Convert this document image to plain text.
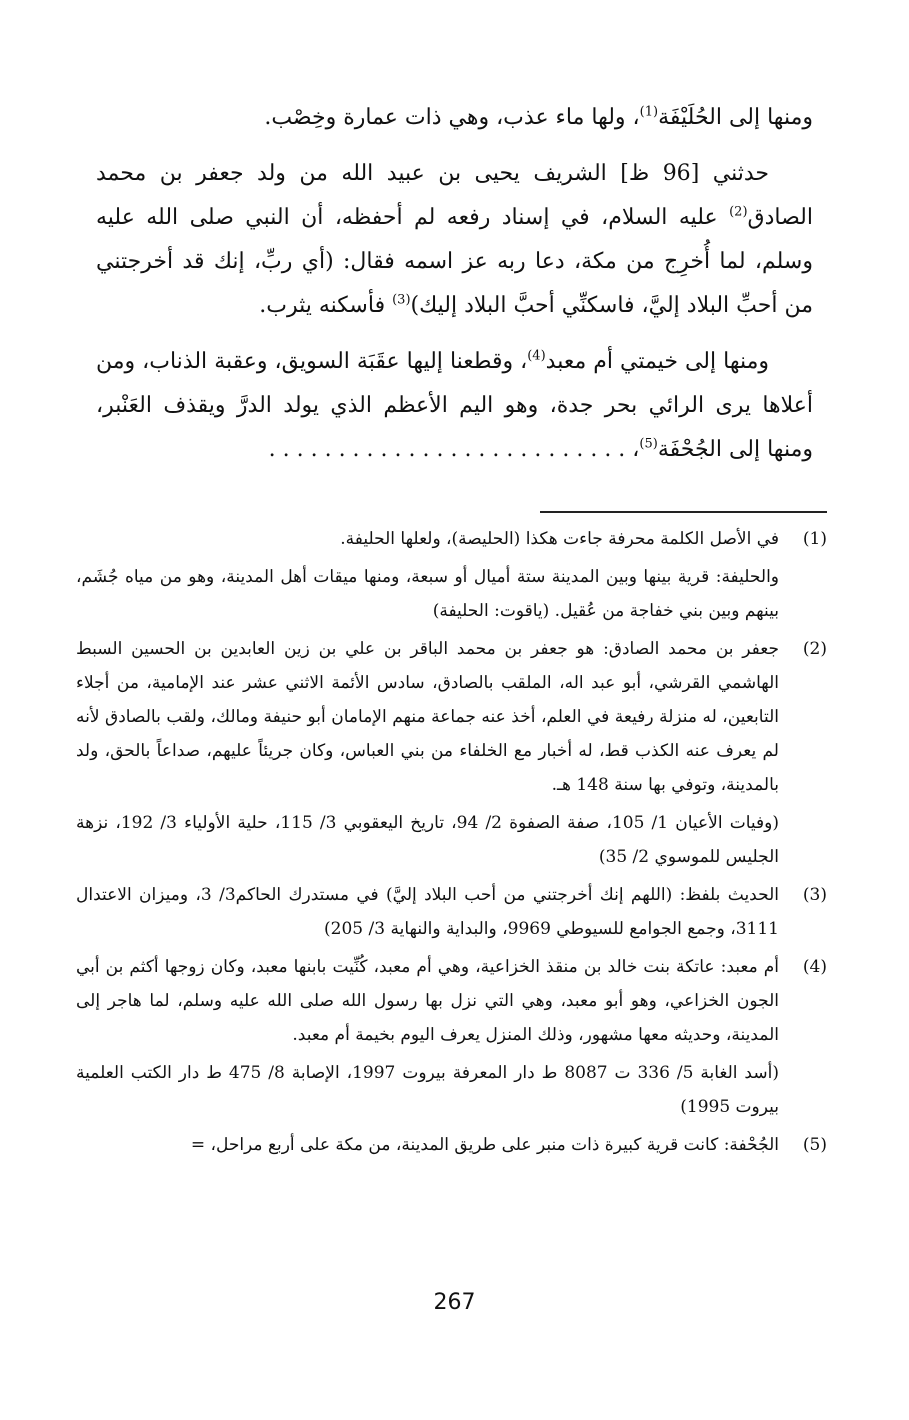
ومنها إلى الحُلَيْفَة$^{(1)}$، ولها ماء عذب، وهي ذات عمارة وخِصْب.

حدثني [96 ظ] الشريف يحيى بن عبيد الله من ولد جعفر بن محمد الصادق$^{(2)}$ عليه السلام، في إسناد رفعه لم أحفظه، أن النبي صلى الله عليه وسلم، لما أُخرِج من مكة، دعا ربه عز اسمه فقال: (أي ربِّ، إنك قد أخرجتني من أحبِّ البلاد إليَّ، فاسكنِّي أحبَّ البلاد إليك)$^{(3)}$ فأسكنه يثرب.

ومنها إلى خيمتي أم معبد$^{(4)}$، وقطعنا إليها عقَبَة السويق، وعقبة الذناب، ومن أعلاها يرى الرائي بحر جدة، وهو اليم الأعظم الذي يولد الدرَّ ويقذف العَنْبر، ومنها إلى الجُحْفَة$^{(5)}$، . . . . . . . . . . . . . . . . . . . . . . . . . .

(1)

في الأصل الكلمة محرفة جاءت هكذا (الحليصة)، ولعلها الحليفة.

والحليفة: قرية بينها وبين المدينة ستة أميال أو سبعة، ومنها ميقات أهل المدينة، وهو من مياه جُشَم، بينهم وبين بني خفاجة من عُقيل. (ياقوت: الحليفة)

(2)

جعفر بن محمد الصادق: هو جعفر بن محمد الباقر بن علي بن زين العابدين بن الحسين السبط الهاشمي القرشي، أبو عبد اله، الملقب بالصادق، سادس الأئمة الاثني عشر عند الإمامية، من أجلاء التابعين، له منزلة رفيعة في العلم، أخذ عنه جماعة منهم الإمامان أبو حنيفة ومالك، ولقب بالصادق لأنه لم يعرف عنه الكذب قط، له أخبار مع الخلفاء من بني العباس، وكان جريئاً عليهم، صداعاً بالحق، ولد بالمدينة، وتوفي بها سنة 148 هـ.

(وفيات الأعيان 1/ 105، صفة الصفوة 2/ 94، تاريخ اليعقوبي 3/ 115، حلية الأولياء 3/ 192، نزهة الجليس للموسوي 2/ 35)

(3)

الحديث بلفظ: (اللهم إنك أخرجتني من أحب البلاد إليَّ) في مستدرك الحاكم3/ 3، وميزان الاعتدال 3111، وجمع الجوامع للسيوطي 9969، والبداية والنهاية 3/ 205)

(4)

أم معبد: عاتكة بنت خالد بن منقذ الخزاعية، وهي أم معبد، كُنِّيت بابنها معبد، وكان زوجها أكثم بن أبي الجون الخزاعي، وهو أبو معبد، وهي التي نزل بها رسول الله صلى الله عليه وسلم، لما هاجر إلى المدينة، وحديثه معها مشهور، وذلك المنزل يعرف اليوم بخيمة أم معبد.

(أسد الغابة 5/ 336 ت 8087 ط دار المعرفة بيروت 1997، الإصابة 8/ 475 ط دار الكتب العلمية بيروت 1995)

(5)

الجُحْفة: كانت قرية كبيرة ذات منبر على طريق المدينة، من مكة على أربع مراحل، =

267
